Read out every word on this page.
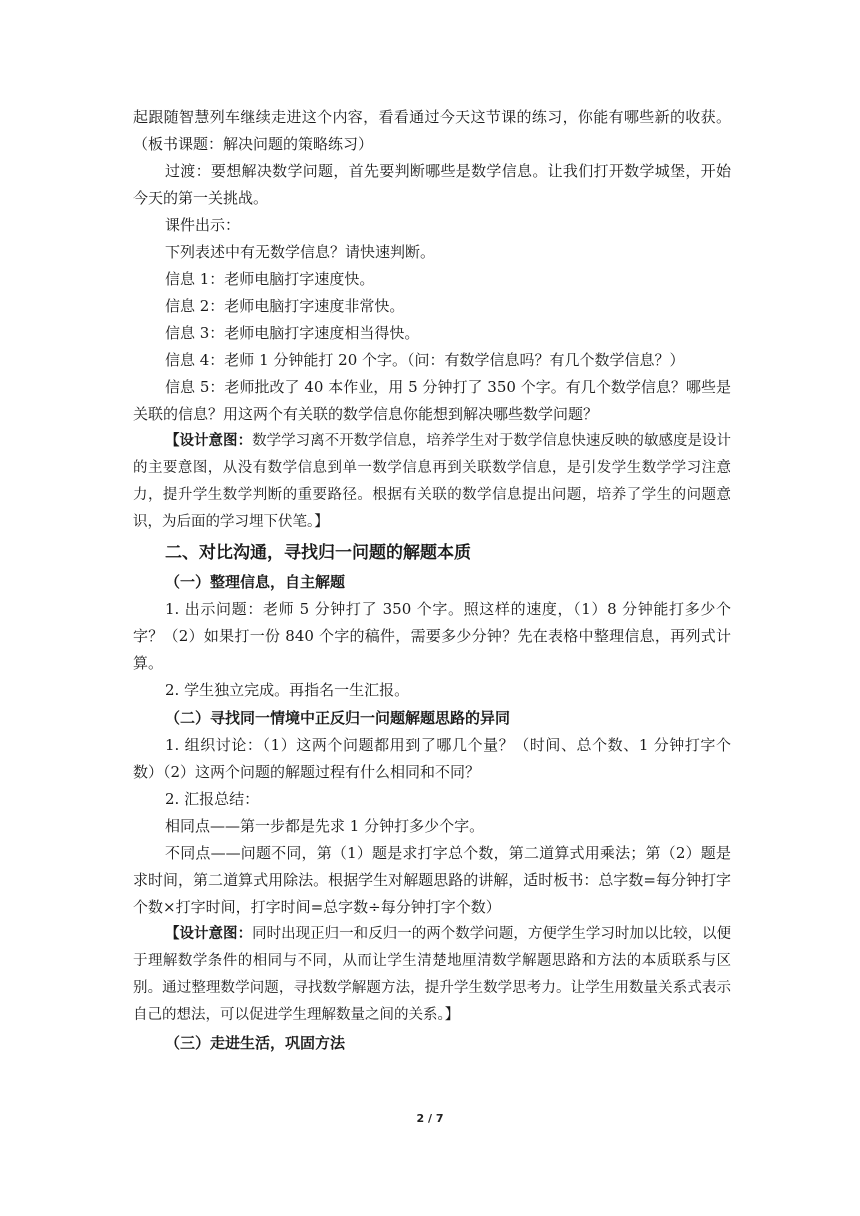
起跟随智慧列车继续走进这个内容，看看通过今天这节课的练习，你能有哪些新的收获。（板书课题：解决问题的策略练习）

过渡：要想解决数学问题，首先要判断哪些是数学信息。让我们打开数学城堡，开始今天的第一关挑战。

课件出示：

下列表述中有无数学信息？请快速判断。

信息 1：老师电脑打字速度快。

信息 2：老师电脑打字速度非常快。

信息 3：老师电脑打字速度相当得快。

信息 4：老师 1 分钟能打 20 个字。（问：有数学信息吗？有几个数学信息？）

信息 5：老师批改了 40 本作业，用 5 分钟打了 350 个字。有几个数学信息？哪些是关联的信息？用这两个有关联的数学信息你能想到解决哪些数学问题？

【设计意图：数学学习离不开数学信息，培养学生对于数学信息快速反映的敏感度是设计的主要意图，从没有数学信息到单一数学信息再到关联数学信息，是引发学生数学学习注意力，提升学生数学判断的重要路径。根据有关联的数学信息提出问题，培养了学生的问题意识，为后面的学习埋下伏笔。】

二、对比沟通，寻找归一问题的解题本质

（一）整理信息，自主解题

1. 出示问题：老师 5 分钟打了 350 个字。照这样的速度，（1）8 分钟能打多少个字？（2）如果打一份 840 个字的稿件，需要多少分钟？先在表格中整理信息，再列式计算。

2. 学生独立完成。再指名一生汇报。

（二）寻找同一情境中正反归一问题解题思路的异同

1. 组织讨论：（1）这两个问题都用到了哪几个量？（时间、总个数、1 分钟打字个数）（2）这两个问题的解题过程有什么相同和不同？

2. 汇报总结：

相同点——第一步都是先求 1 分钟打多少个字。

不同点——问题不同，第（1）题是求打字总个数，第二道算式用乘法；第（2）题是求时间，第二道算式用除法。根据学生对解题思路的讲解，适时板书：总字数=每分钟打字个数×打字时间，打字时间=总字数÷每分钟打字个数）

【设计意图：同时出现正归一和反归一的两个数学问题，方便学生学习时加以比较，以便于理解数学条件的相同与不同，从而让学生清楚地厘清数学解题思路和方法的本质联系与区别。通过整理数学问题，寻找数学解题方法，提升学生数学思考力。让学生用数量关系式表示自己的想法，可以促进学生理解数量之间的关系。】

（三）走进生活，巩固方法

2 / 7
